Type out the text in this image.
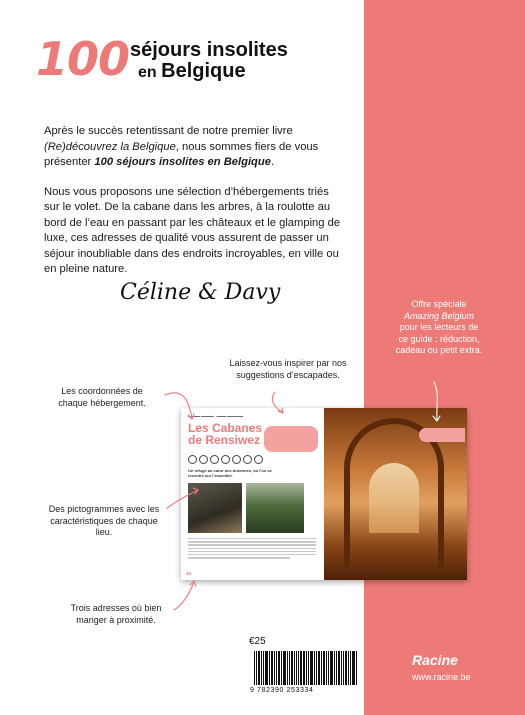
100 séjours insolites
en Belgique

Après le succès retentissant de notre premier livre (Re)découvrez la Belgique, nous sommes fiers de vous présenter 100 séjours insolites en Belgique.

Nous vous proposons une sélection d’hébergements triés sur le volet. De la cabane dans les arbres, à la roulotte au bord de l’eau en passant par les châteaux et le glamping de luxe, ces adresses de qualité vous assurent de passer un séjour inoubliable dans des endroits incroyables, en ville ou en pleine nature.

Céline & Davy	Offre spéciale
Amazing Belgium
pour les lecteurs de ce guide : réduction, cadeau ou petit extra.
Laissez-vous inspirer par nos suggestions d’escapades.
Les coordonnées de chaque hébergement.
Des pictogrammes avec les caractéristiques de chaque lieu.
Trois adresses où bien manger à proximité.
▮ ▬▬▬ ▬▬▬▬ · ▬▬▬ ▬▬▬▬▬
Les Cabanes
de Rensiwez
Un refuge au cœur des Ardennes, où l’on se recentre sur l’essentiel.
40
€25
9 782390 253334
Racine
www.racine.be
